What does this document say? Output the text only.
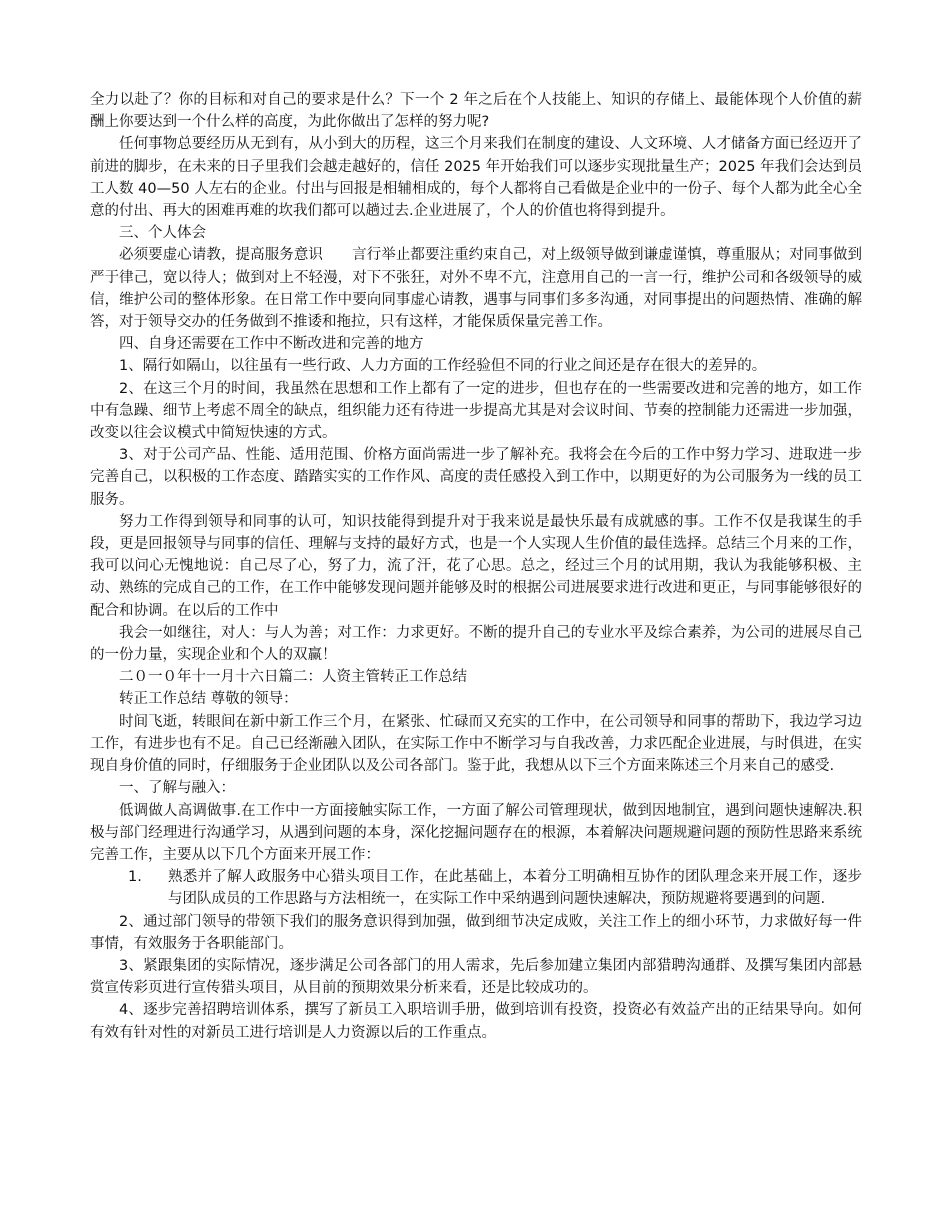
全力以赴了？你的目标和对自己的要求是什么？下一个 2 年之后在个人技能上、知识的存储上、最能体现个人价值的薪酬上你要达到一个什么样的高度，为此你做出了怎样的努力呢?

任何事物总要经历从无到有，从小到大的历程，这三个月来我们在制度的建设、人文环境、人才储备方面已经迈开了前进的脚步，在未来的日子里我们会越走越好的，信任 2025 年开始我们可以逐步实现批量生产；2025 年我们会达到员工人数 40—50 人左右的企业。付出与回报是相辅相成的，每个人都将自己看做是企业中的一份子、每个人都为此全心全意的付出、再大的困难再难的坎我们都可以趟过去.企业进展了，个人的价值也将得到提升。

三、个人体会

必须要虚心请教，提高服务意识　　言行举止都要注重约束自己，对上级领导做到谦虚谨慎，尊重服从；对同事做到严于律己，宽以待人；做到对上不轻漫，对下不张狂，对外不卑不亢，注意用自己的一言一行，维护公司和各级领导的威信，维护公司的整体形象。在日常工作中要向同事虚心请教，遇事与同事们多多沟通，对同事提出的问题热情、准确的解答，对于领导交办的任务做到不推诿和拖拉，只有这样，才能保质保量完善工作。

四、自身还需要在工作中不断改进和完善的地方

1、隔行如隔山，以往虽有一些行政、人力方面的工作经验但不同的行业之间还是存在很大的差异的。

2、在这三个月的时间，我虽然在思想和工作上都有了一定的进步，但也存在的一些需要改进和完善的地方，如工作中有急躁、细节上考虑不周全的缺点，组织能力还有待进一步提高尤其是对会议时间、节奏的控制能力还需进一步加强，改变以往会议模式中简短快速的方式。

3、对于公司产品、性能、适用范围、价格方面尚需进一步了解补充。我将会在今后的工作中努力学习、进取进一步完善自己，以积极的工作态度、踏踏实实的工作作风、高度的责任感投入到工作中，以期更好的为公司服务为一线的员工服务。

努力工作得到领导和同事的认可，知识技能得到提升对于我来说是最快乐最有成就感的事。工作不仅是我谋生的手段，更是回报领导与同事的信任、理解与支持的最好方式，也是一个人实现人生价值的最佳选择。总结三个月来的工作，我可以问心无愧地说：自己尽了心，努了力，流了汗，花了心思。总之，经过三个月的试用期，我认为我能够积极、主动、熟练的完成自己的工作，在工作中能够发现问题并能够及时的根据公司进展要求进行改进和更正，与同事能够很好的配合和协调。在以后的工作中

我会一如继往，对人：与人为善；对工作：力求更好。不断的提升自己的专业水平及综合素养，为公司的进展尽自己的一份力量，实现企业和个人的双赢！

二０一０年十一月十六日篇二：人资主管转正工作总结

转正工作总结 尊敬的领导：

时间飞逝，转眼间在新中新工作三个月，在紧张、忙碌而又充实的工作中，在公司领导和同事的帮助下，我边学习边工作，有进步也有不足。自己已经渐融入团队，在实际工作中不断学习与自我改善，力求匹配企业进展，与时俱进，在实现自身价值的同时，仔细服务于企业团队以及公司各部门。鉴于此，我想从以下三个方面来陈述三个月来自己的感受.

一、了解与融入：

低调做人高调做事.在工作中一方面接触实际工作，一方面了解公司管理现状，做到因地制宜，遇到问题快速解决.积极与部门经理进行沟通学习，从遇到问题的本身，深化挖掘问题存在的根源，本着解决问题规避问题的预防性思路来系统完善工作，主要从以下几个方面来开展工作：

1.	熟悉并了解人政服务中心猎头项目工作，在此基础上，本着分工明确相互协作的团队理念来开展工作，逐步与团队成员的工作思路与方法相统一，在实际工作中采纳遇到问题快速解决，预防规避将要遇到的问题.

2、通过部门领导的带领下我们的服务意识得到加强，做到细节决定成败，关注工作上的细小环节，力求做好每一件事情，有效服务于各职能部门。

3、紧跟集团的实际情况，逐步满足公司各部门的用人需求，先后参加建立集团内部猎聘沟通群、及撰写集团内部悬赏宣传彩页进行宣传猎头项目，从目前的预期效果分析来看，还是比较成功的。

4、逐步完善招聘培训体系，撰写了新员工入职培训手册，做到培训有投资，投资必有效益产出的正结果导向。如何有效有针对性的对新员工进行培训是人力资源以后的工作重点。
